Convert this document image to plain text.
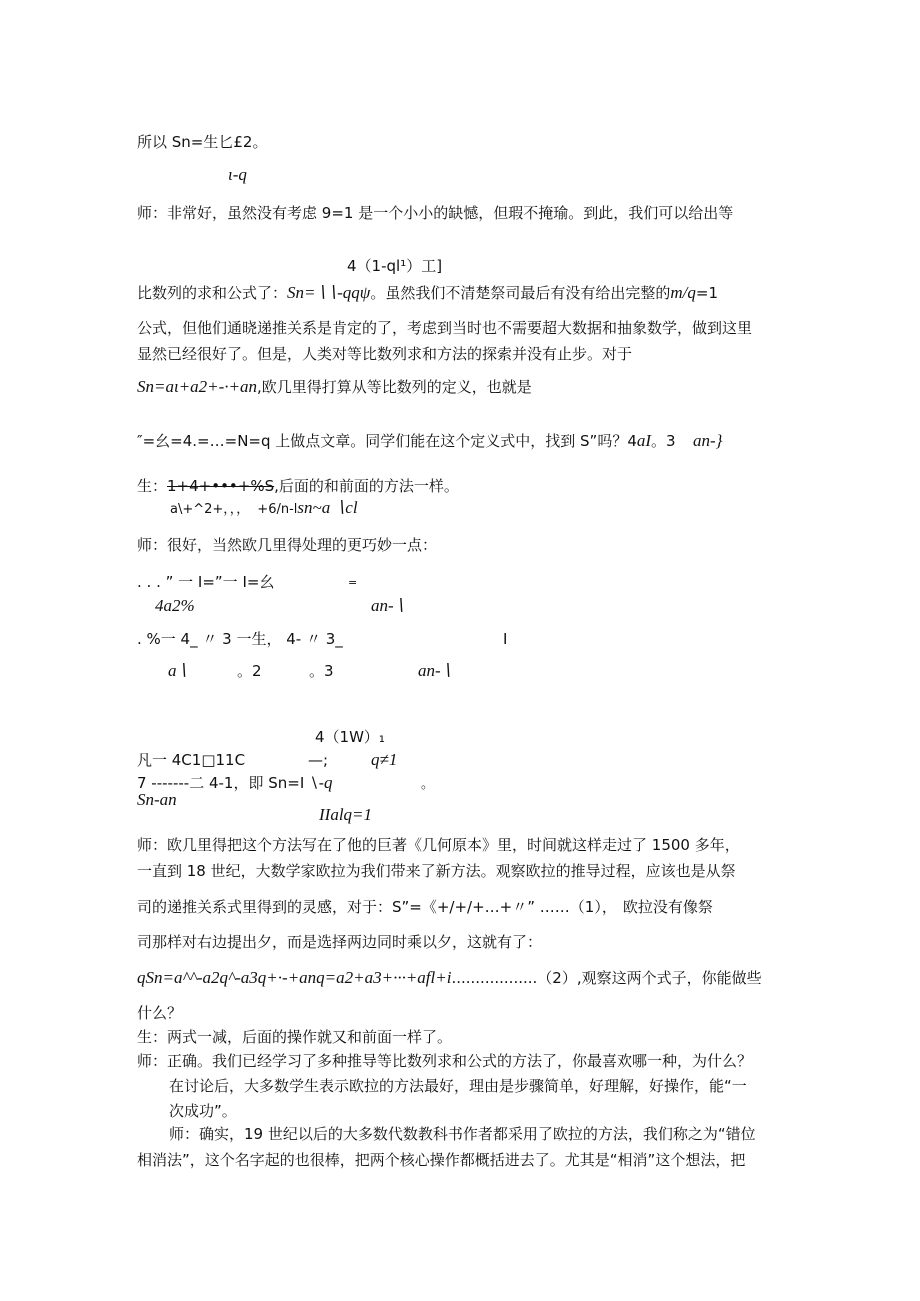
所以 Sn=生匕£2。
ι-q
师：非常好，虽然没有考虑 9=1 是一个小小的缺憾，但瑕不掩瑜。到此，我们可以给出等
4（1-ql¹）工]
比数列的求和公式了：Sn=∖∖-qqψ。虽然我们不清楚祭司最后有没有给出完整的m/q=1
公式，但他们通晓递推关系是肯定的了，考虑到当时也不需要超大数据和抽象数学，做到这里
显然已经很好了。但是，人类对等比数列求和方法的探索并没有止步。对于
Sn=aι+a2+-·+an,欧几里得打算从等比数列的定义，也就是
″=幺=4.=…=N=q 上做点文章。同学们能在这个定义式中，找到 S”吗？4aI。3 an-}
生：1+4+•••+%S,后面的和前面的方法一样。
a\+^2+，，， +6/n-lsn~a ∖cl
师：很好，当然欧几里得处理的更巧妙一点：
. . . ” 一 I=”一 I=幺	=
4a2%	an-∖
. %一 4_ 〃 3 一生， 4- 〃 3_	I
a∖	。2	。3	an-∖
4（1W）₁
凡一 4C1□11C	—;	q≠1
7 -------二 4-1，即 Sn=I ∖-q	。
Sn-an
IIalq=1
师：欧几里得把这个方法写在了他的巨著《几何原本》里，时间就这样走过了 1500 多年，
一直到 18 世纪，大数学家欧拉为我们带来了新方法。观察欧拉的推导过程，应该也是从祭
司的递推关系式里得到的灵感，对于：S”=《+/+/+…+〃” ……（1）， 欧拉没有像祭
司那样对右边提出夕，而是选择两边同时乘以夕，这就有了：
qSn=a^^-a2q^-a3q+·-+anq=a2+a3+···+afl+i..................（2）,观察这两个式子，你能做些
什么？
生：两式一减，后面的操作就又和前面一样了。
师：正确。我们已经学习了多种推导等比数列求和公式的方法了，你最喜欢哪一种，为什么？
在讨论后，大多数学生表示欧拉的方法最好，理由是步骤简单，好理解，好操作，能“一
次成功”。
师：确实，19 世纪以后的大多数代数教科书作者都采用了欧拉的方法，我们称之为“错位
相消法”，这个名字起的也很棒，把两个核心操作都概括进去了。尤其是“相消”这个想法，把
